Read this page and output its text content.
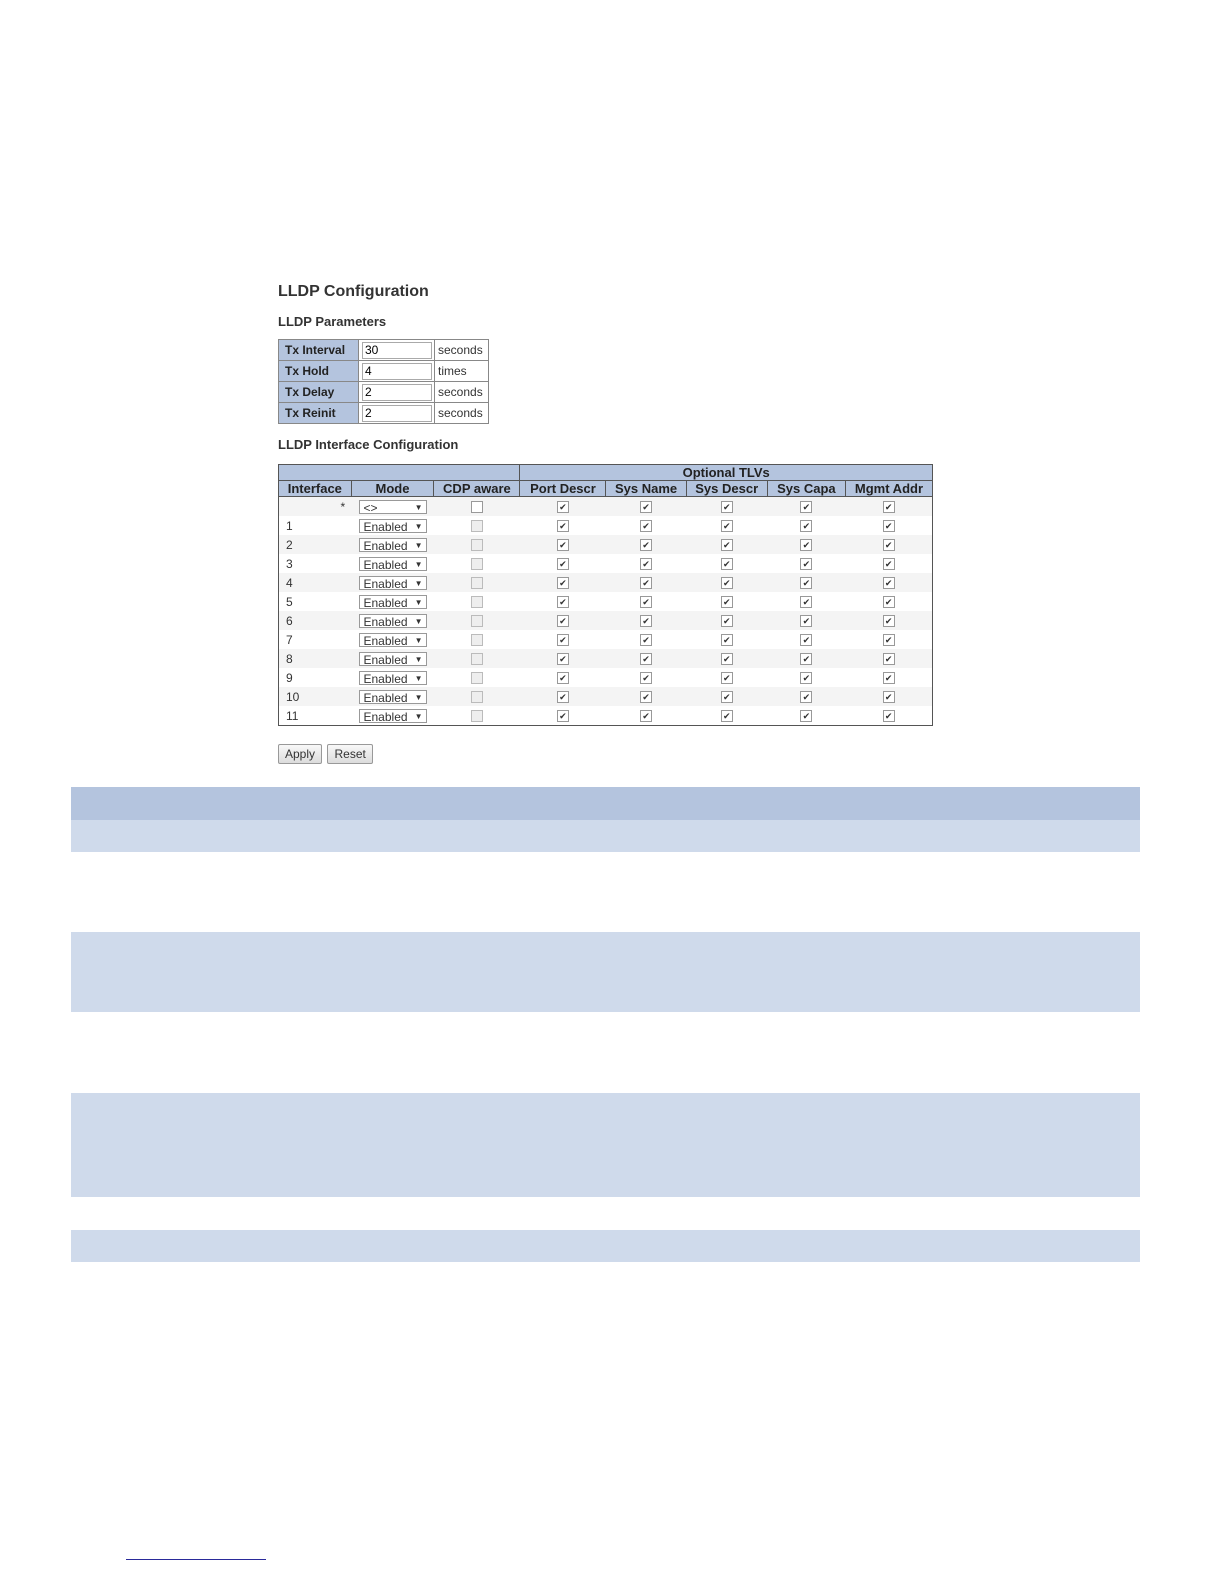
LLDP Configuration
LLDP Parameters
Tx Interval	30	seconds
Tx Hold	4	times
Tx Delay	2	seconds
Tx Reinit	2	seconds
LLDP Interface Configuration
			Optional TLVs				
Interface	Mode	CDP aware	Port Descr	Sys Name	Sys Descr	Sys Capa	Mgmt Addr
*	<> ▼		✔	✔	✔	✔	✔
1	Enabled ▼		✔	✔	✔	✔	✔
2	Enabled ▼		✔	✔	✔	✔	✔
3	Enabled ▼		✔	✔	✔	✔	✔
4	Enabled ▼		✔	✔	✔	✔	✔
5	Enabled ▼		✔	✔	✔	✔	✔
6	Enabled ▼		✔	✔	✔	✔	✔
7	Enabled ▼		✔	✔	✔	✔	✔
8	Enabled ▼		✔	✔	✔	✔	✔
9	Enabled ▼		✔	✔	✔	✔	✔
10	Enabled ▼		✔	✔	✔	✔	✔
11	Enabled ▼		✔	✔	✔	✔	✔
Apply Reset
